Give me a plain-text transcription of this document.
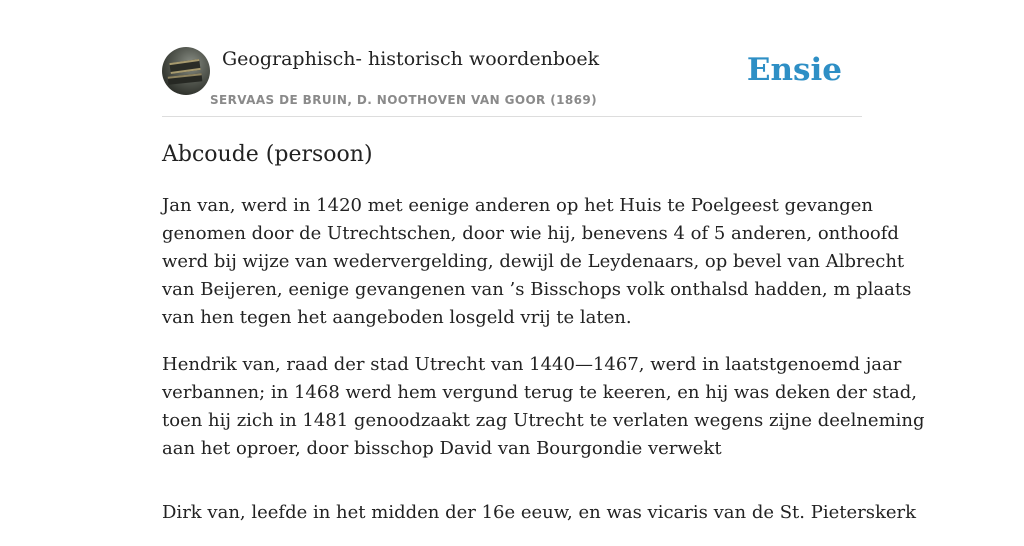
Geographisch- historisch woordenboek
SERVAAS DE BRUIN, D. NOOTHOVEN VAN GOOR (1869)
Ensie
Abcoude (persoon)

Jan van, werd in 1420 met eenige anderen op het Huis te Poelgeest gevangen
genomen door de Utrechtschen, door wie hij, benevens 4 of 5 anderen, onthoofd
werd bij wijze van wedervergelding, dewijl de Leydenaars, op bevel van Albrecht
van Beijeren, eenige gevangenen van ’s Bisschops volk onthalsd hadden, m plaats
van hen tegen het aangeboden losgeld vrij te laten.

Hendrik van, raad der stad Utrecht van 1440—1467, werd in laatstgenoemd jaar
verbannen; in 1468 werd hem vergund terug te keeren, en hij was deken der stad,
toen hij zich in 1481 genoodzaakt zag Utrecht te verlaten wegens zijne deelneming
aan het oproer, door bisschop David van Bourgondie verwekt

Dirk van, leefde in het midden der 16e eeuw, en was vicaris van de St. Pieterskerk
